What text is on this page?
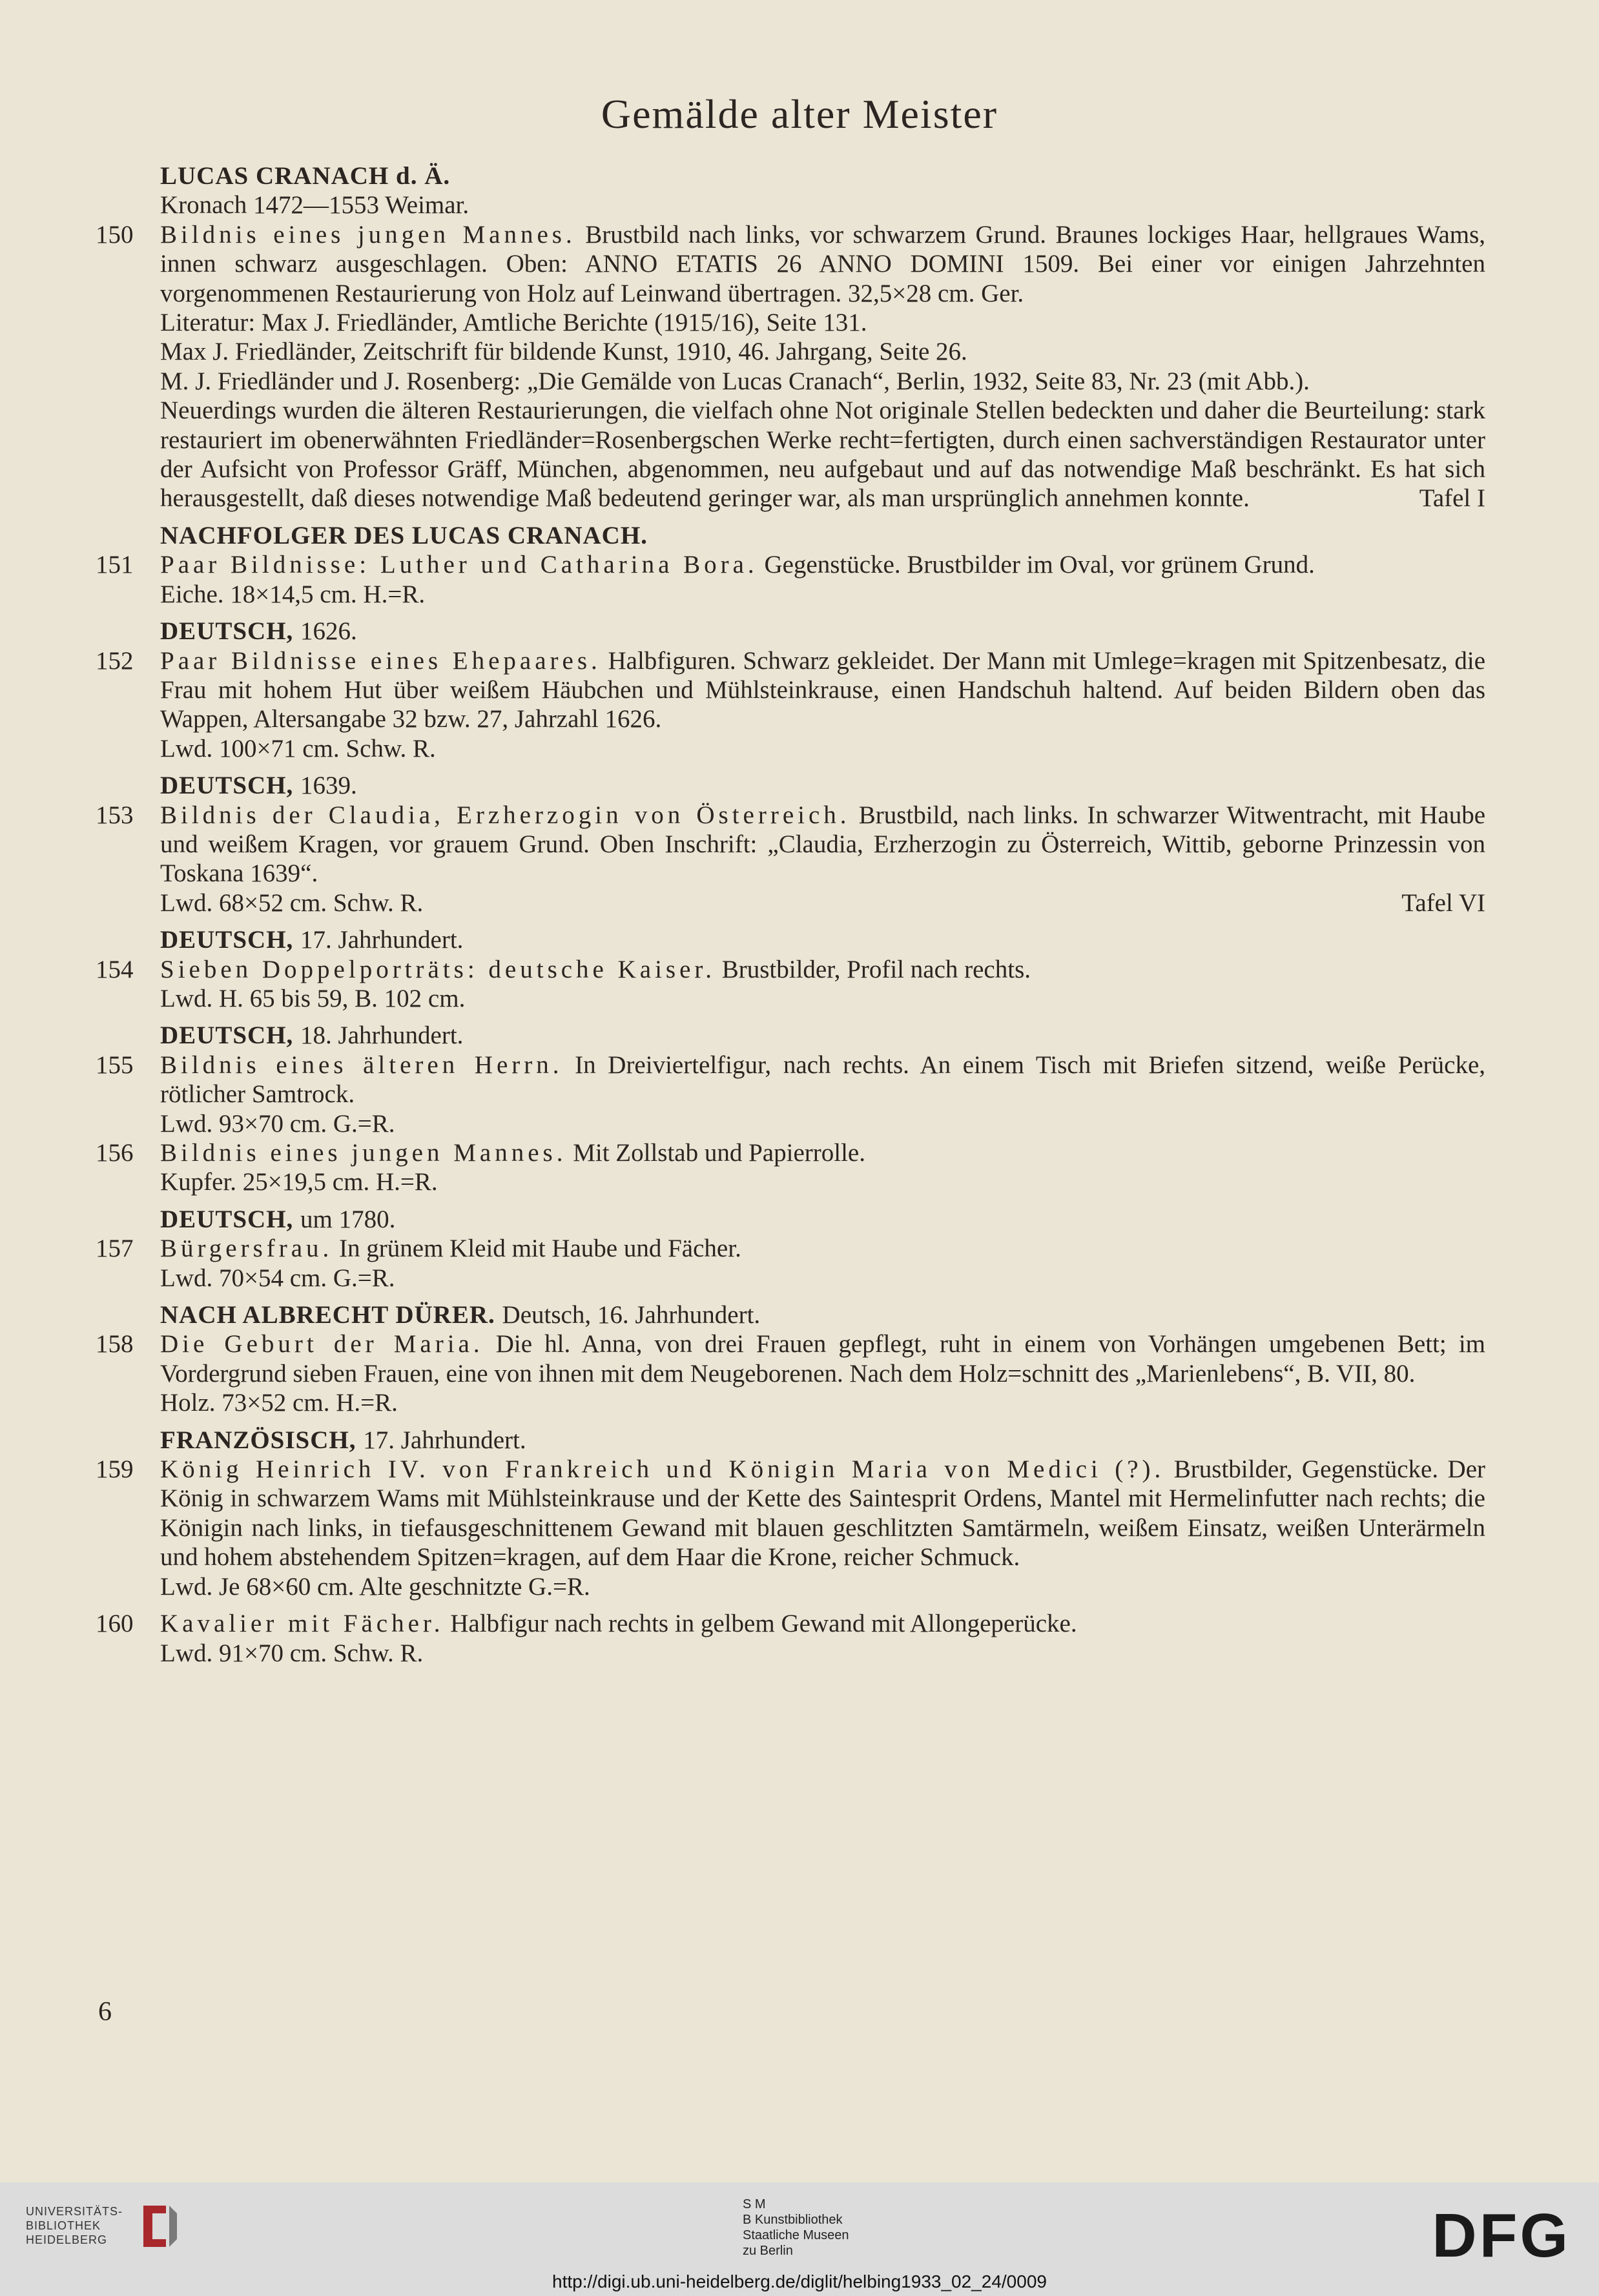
Gemälde alter Meister
LUCAS CRANACH d. Ä.
Kronach 1472—1553 Weimar.
150 Bildnis eines jungen Mannes. Brustbild nach links, vor schwarzem Grund. Braunes lockiges Haar, hellgraues Wams, innen schwarz ausgeschlagen. Oben: ANNO ETATIS 26 ANNO DOMINI 1509. Bei einer vor einigen Jahrzehnten vorgenommenen Restaurierung von Holz auf Leinwand übertragen. 32,5×28 cm. Ger.
Literatur: Max J. Friedländer, Amtliche Berichte (1915/16), Seite 131.
Max J. Friedländer, Zeitschrift für bildende Kunst, 1910, 46. Jahrgang, Seite 26.
M. J. Friedländer und J. Rosenberg: „Die Gemälde von Lucas Cranach“, Berlin, 1932, Seite 83, Nr. 23 (mit Abb.).
Neuerdings wurden die älteren Restaurierungen, die vielfach ohne Not originale Stellen bedeckten und daher die Beurteilung: stark restauriert im obenerwähnten Friedländer=Rosenbergschen Werke recht=fertigten, durch einen sachverständigen Restaurator unter der Aufsicht von Professor Gräff, München, abgenommen, neu aufgebaut und auf das notwendige Maß beschränkt. Es hat sich herausgestellt, daß dieses notwendige Maß bedeutend geringer war, als man ursprünglich annehmen konnte.	Tafel I
NACHFOLGER DES LUCAS CRANACH.
151 Paar Bildnisse: Luther und Catharina Bora. Gegenstücke. Brustbilder im Oval, vor grünem Grund.
Eiche. 18×14,5 cm. H.=R.
DEUTSCH, 1626.
152 Paar Bildnisse eines Ehepaares. Halbfiguren. Schwarz gekleidet. Der Mann mit Umlege=kragen mit Spitzenbesatz, die Frau mit hohem Hut über weißem Häubchen und Mühlsteinkrause, einen Handschuh haltend. Auf beiden Bildern oben das Wappen, Altersangabe 32 bzw. 27, Jahrzahl 1626.
Lwd. 100×71 cm. Schw. R.
DEUTSCH, 1639.
153 Bildnis der Claudia, Erzherzogin von Österreich. Brustbild, nach links. In schwarzer Witwentracht, mit Haube und weißem Kragen, vor grauem Grund. Oben Inschrift: „Claudia, Erzherzogin zu Österreich, Wittib, geborne Prinzessin von Toskana 1639“.
Lwd. 68×52 cm. Schw. R.	Tafel VI
DEUTSCH, 17. Jahrhundert.
154 Sieben Doppelporträts: deutsche Kaiser. Brustbilder, Profil nach rechts.
Lwd. H. 65 bis 59, B. 102 cm.
DEUTSCH, 18. Jahrhundert.
155 Bildnis eines älteren Herrn. In Dreiviertelfigur, nach rechts. An einem Tisch mit Briefen sitzend, weiße Perücke, rötlicher Samtrock.
Lwd. 93×70 cm. G.=R.
156 Bildnis eines jungen Mannes. Mit Zollstab und Papierrolle.
Kupfer. 25×19,5 cm. H.=R.
DEUTSCH, um 1780.
157 Bürgersfrau. In grünem Kleid mit Haube und Fächer.
Lwd. 70×54 cm. G.=R.
NACH ALBRECHT DÜRER. Deutsch, 16. Jahrhundert.
158 Die Geburt der Maria. Die hl. Anna, von drei Frauen gepflegt, ruht in einem von Vorhängen umgebenen Bett; im Vordergrund sieben Frauen, eine von ihnen mit dem Neugeborenen. Nach dem Holz=schnitt des „Marienlebens“, B. VII, 80.
Holz. 73×52 cm. H.=R.
FRANZÖSISCH, 17. Jahrhundert.
159 König Heinrich IV. von Frankreich und Königin Maria von Medici (?). Brustbilder, Gegenstücke. Der König in schwarzem Wams mit Mühlsteinkrause und der Kette des Saintesprit Ordens, Mantel mit Hermelinfutter nach rechts; die Königin nach links, in tiefausgeschnittenem Gewand mit blauen geschlitzten Samtärmeln, weißem Einsatz, weißen Unterärmeln und hohem abstehendem Spitzen=kragen, auf dem Haar die Krone, reicher Schmuck.
Lwd. Je 68×60 cm. Alte geschnitzte G.=R.
160 Kavalier mit Fächer. Halbfigur nach rechts in gelbem Gewand mit Allongeperücke.
Lwd. 91×70 cm. Schw. R.
6
UNIVERSITÄTS-
BIBLIOTHEK
HEIDELBERG
S M
B Kunstbibliothek
Staatliche Museen
zu Berlin	DFG
http://digi.ub.uni-heidelberg.de/diglit/helbing1933_02_24/0009
